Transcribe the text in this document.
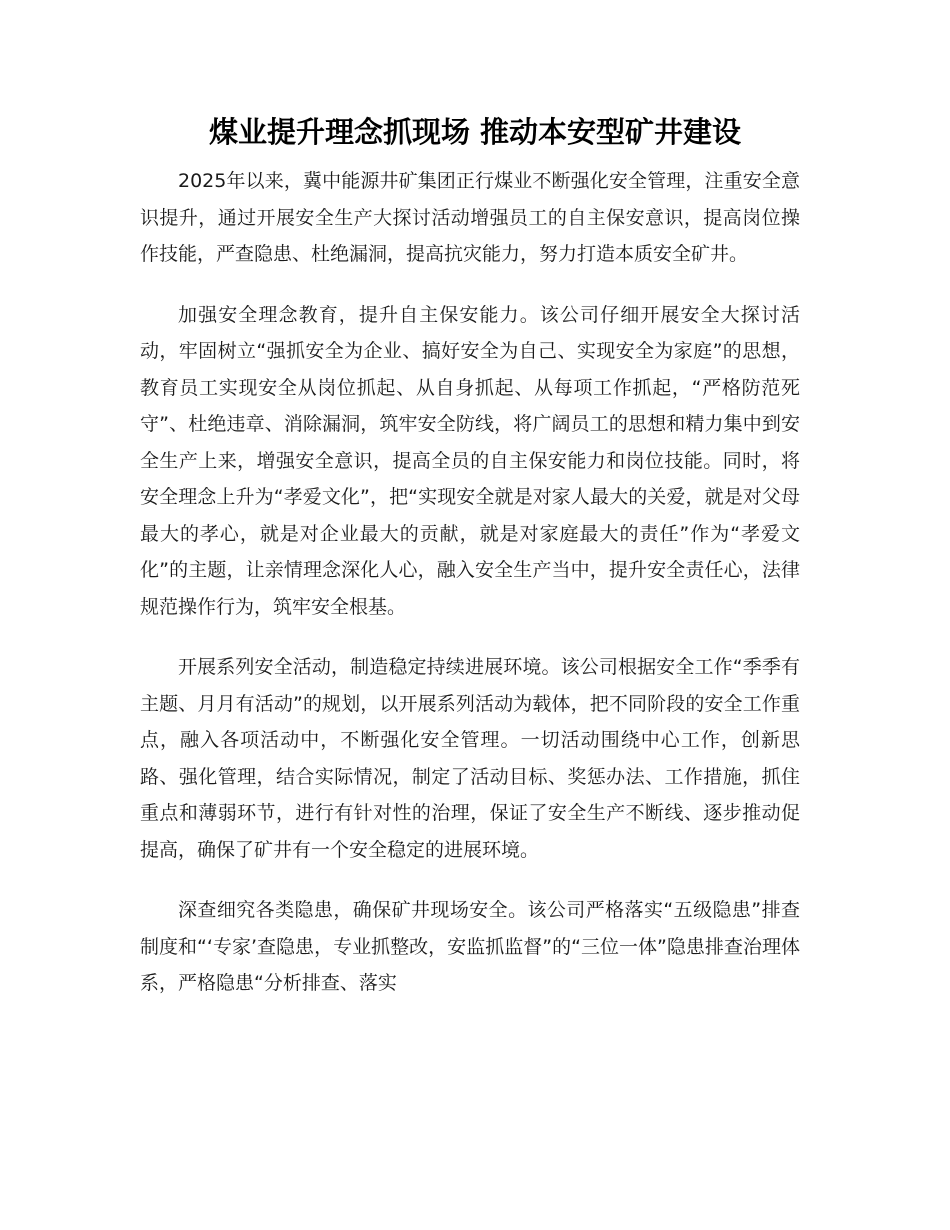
煤业提升理念抓现场 推动本安型矿井建设

2025年以来，冀中能源井矿集团正行煤业不断强化安全管理，注重安全意识提升，通过开展安全生产大探讨活动增强员工的自主保安意识，提高岗位操作技能，严查隐患、杜绝漏洞，提高抗灾能力，努力打造本质安全矿井。

加强安全理念教育，提升自主保安能力。该公司仔细开展安全大探讨活动，牢固树立“强抓安全为企业、搞好安全为自己、实现安全为家庭”的思想，教育员工实现安全从岗位抓起、从自身抓起、从每项工作抓起，“严格防范死守”、杜绝违章、消除漏洞，筑牢安全防线，将广阔员工的思想和精力集中到安全生产上来，增强安全意识，提高全员的自主保安能力和岗位技能。同时，将安全理念上升为“孝爱文化”，把“实现安全就是对家人最大的关爱，就是对父母最大的孝心，就是对企业最大的贡献，就是对家庭最大的责任”作为“孝爱文化”的主题，让亲情理念深化人心，融入安全生产当中，提升安全责任心，法律规范操作行为，筑牢安全根基。

开展系列安全活动，制造稳定持续进展环境。该公司根据安全工作“季季有主题、月月有活动”的规划，以开展系列活动为载体，把不同阶段的安全工作重点，融入各项活动中，不断强化安全管理。一切活动围绕中心工作，创新思路、强化管理，结合实际情况，制定了活动目标、奖惩办法、工作措施，抓住重点和薄弱环节，进行有针对性的治理，保证了安全生产不断线、逐步推动促提高，确保了矿井有一个安全稳定的进展环境。

深查细究各类隐患，确保矿井现场安全。该公司严格落实“五级隐患”排查制度和“‘专家’查隐患，专业抓整改，安监抓监督”的“三位一体”隐患排查治理体系，严格隐患“分析排查、落实
